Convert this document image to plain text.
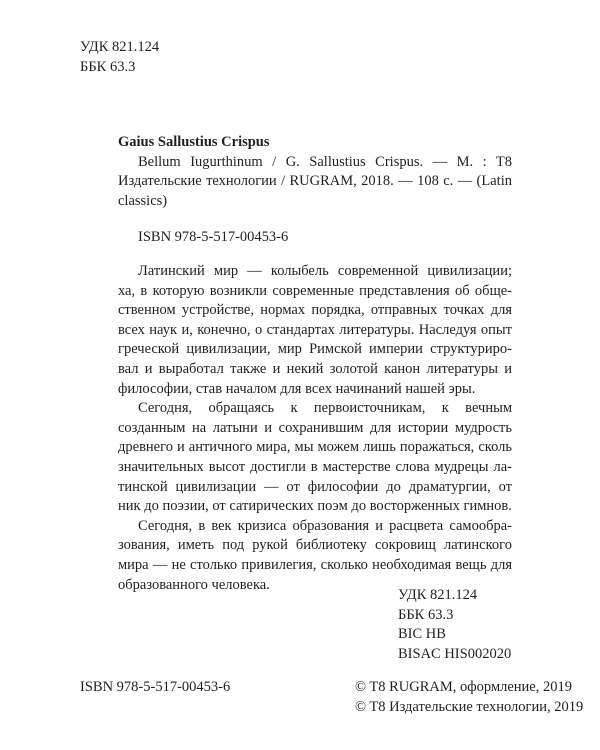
УДК 821.124
ББК 63.3
Gaius Sallustius Crispus
Bellum Iugurthinum / G. Sallustius Crispus. — M. : T8
Издательские технологии / RUGRAM, 2018. — 108 с. — (Latin
classics)
ISBN 978-5-517-00453-6
Латинский мир — колыбель современной цивилизации;
ха, в которую возникли современные представления об обще-
ственном устройстве, нормах порядка, отправных точках для
всех наук и, конечно, о стандартах литературы. Наследуя опыт
греческой цивилизации, мир Римской империи структуриро-
вал и выработал также и некий золотой канон литературы и
философии, став началом для всех начинаний нашей эры.
Сегодня, обращаясь к первоисточникам, к вечным
созданным на латыни и сохранившим для истории мудрость
древнего и античного мира, мы можем лишь поражаться, сколь
значительных высот достигли в мастерстве слова мудрецы ла-
тинской цивилизации — от философии до драматургии, от
ник до поэзии, от сатирических поэм до восторженных гимнов.
Сегодня, в век кризиса образования и расцвета самообра-
зования, иметь под рукой библиотеку сокровищ латинского
мира — не столько привилегия, сколько необходимая вещь для
образованного человека.
УДК 821.124
ББК 63.3
BIC HB
BISAC HIS002020
ISBN 978-5-517-00453-6	© T8 RUGRAM, оформление, 2019
© T8 Издательские технологии, 2019
